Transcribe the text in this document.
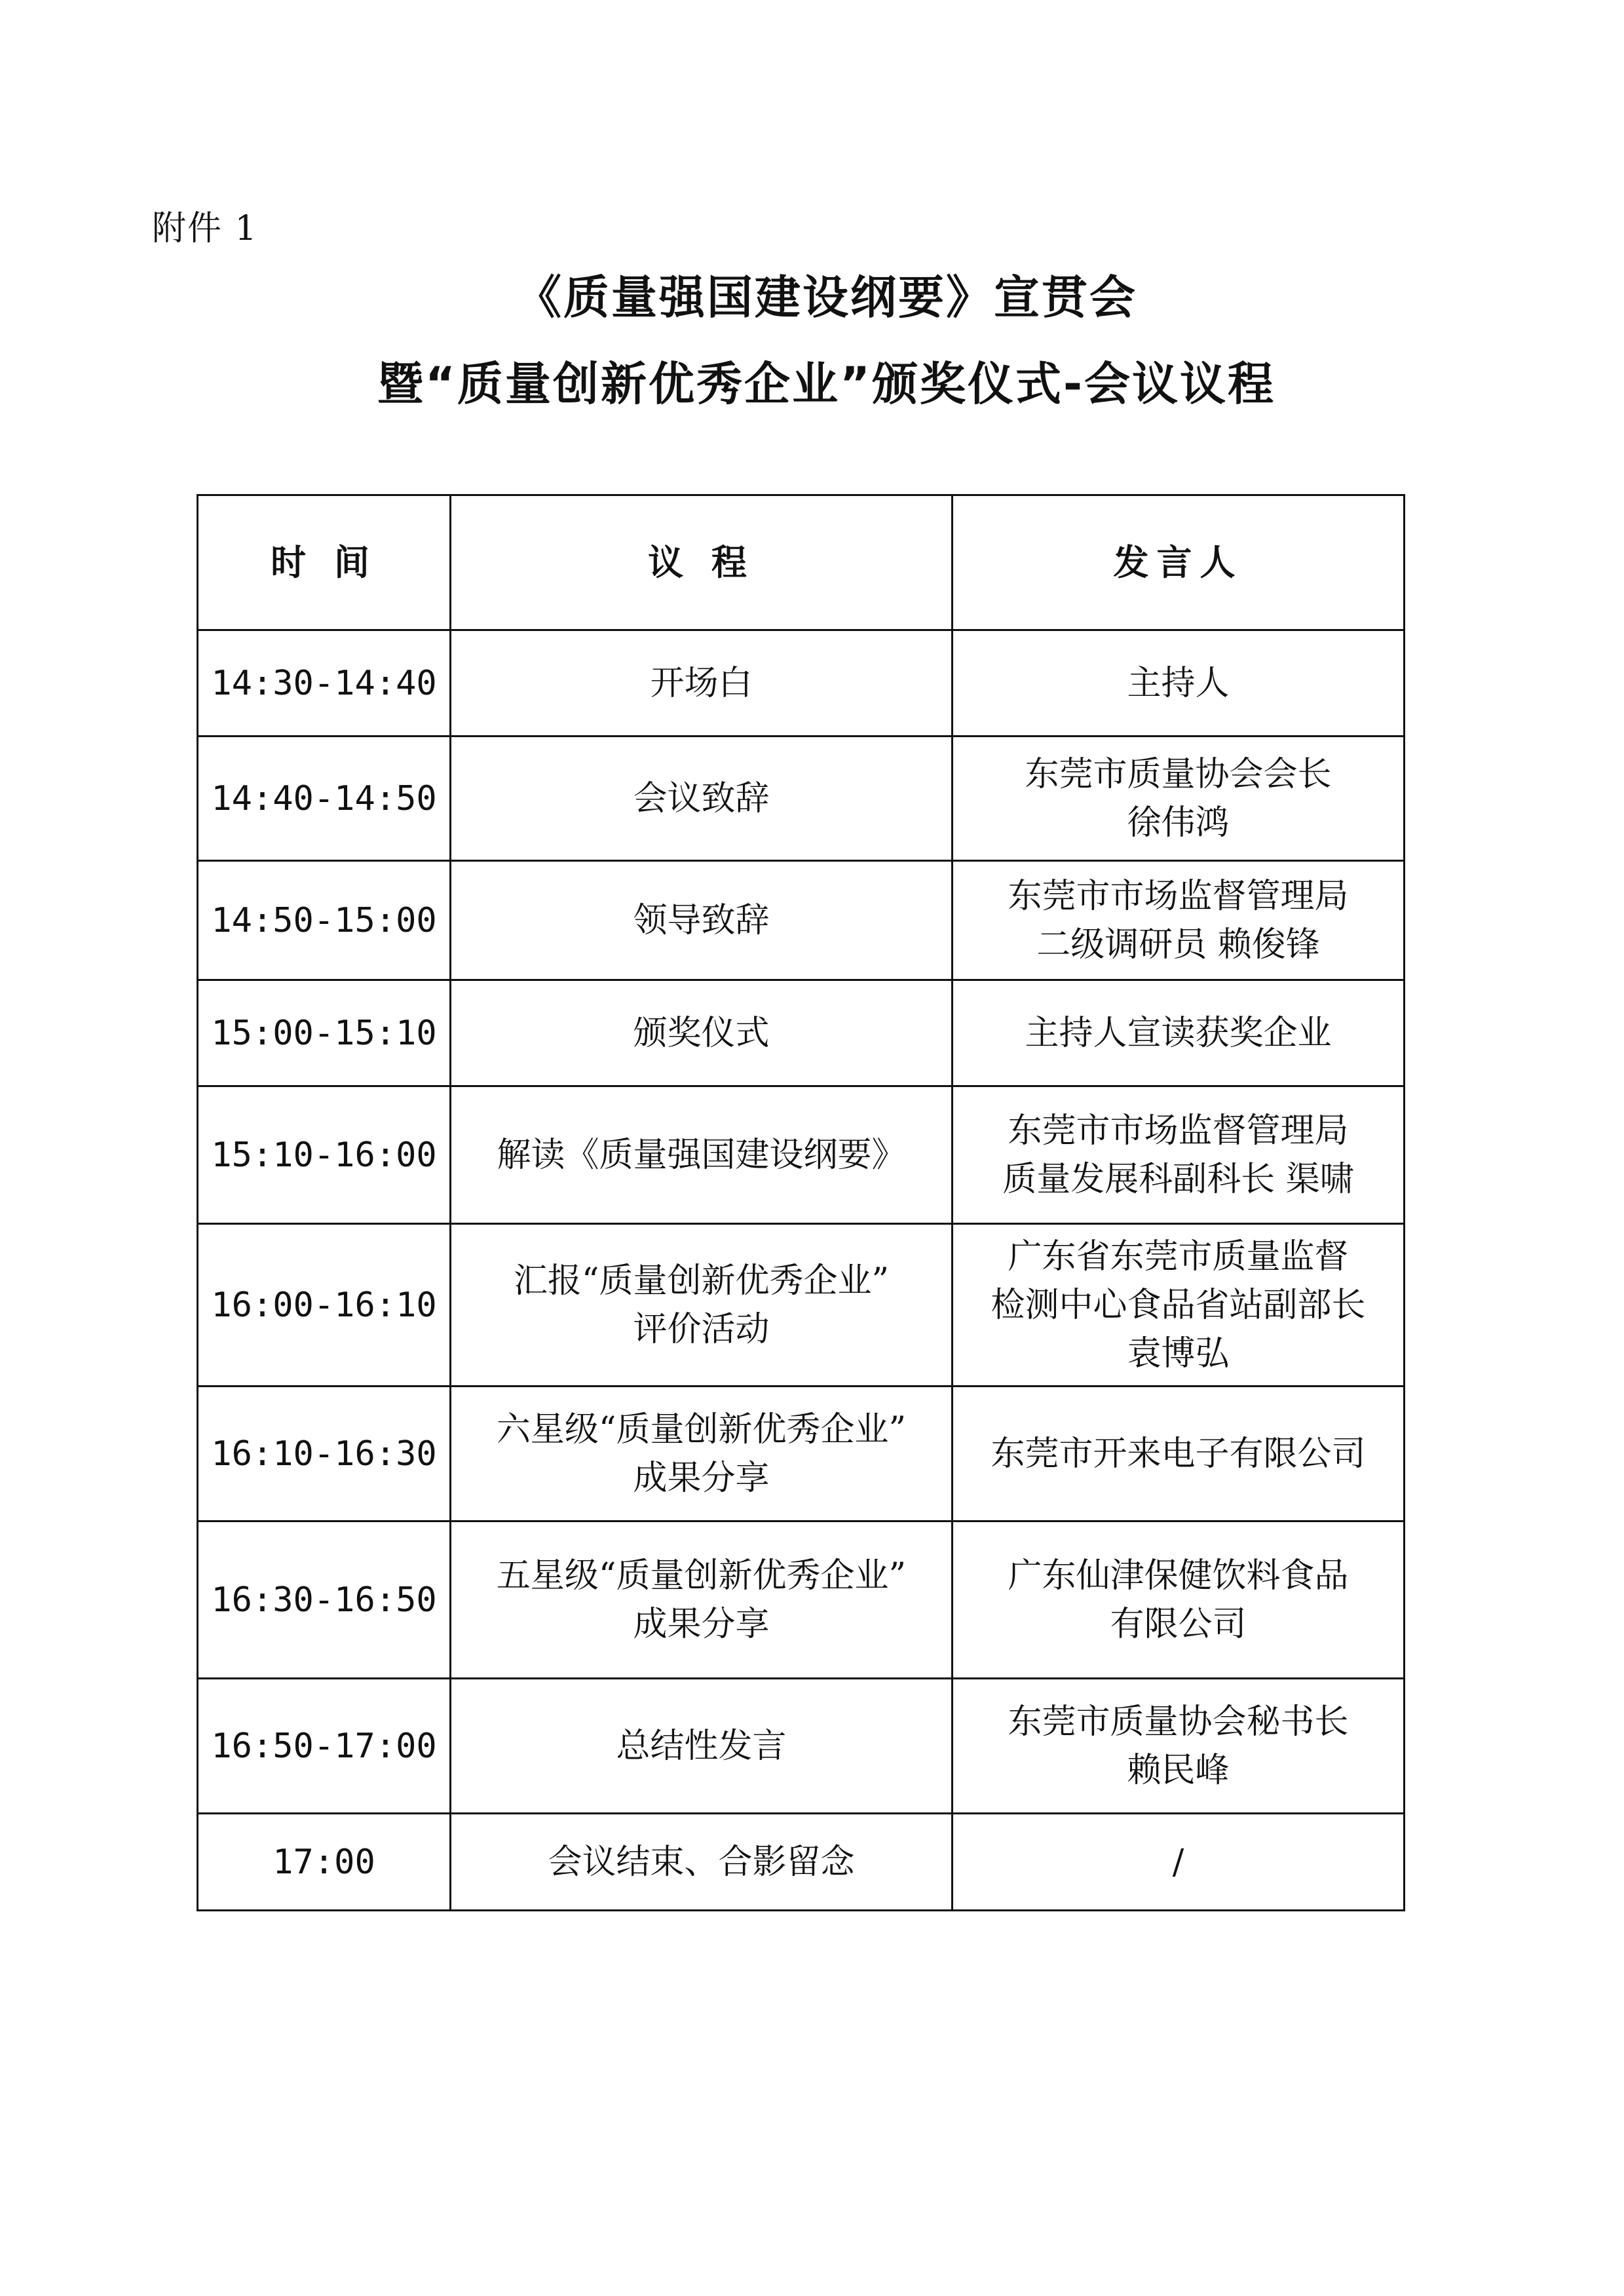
附件 1
《质量强国建设纲要》宣贯会
暨“质量创新优秀企业”颁奖仪式-会议议程
时 间	议 程	发言人
14:30-14:40	开场白	主持人

14:40-14:50	会议致辞	东莞市质量协会会长
徐伟鸿

14:50-15:00	领导致辞	东莞市市场监督管理局
二级调研员 赖俊锋

15:00-15:10	颁奖仪式	主持人宣读获奖企业

15:10-16:00	解读《质量强国建设纲要》	东莞市市场监督管理局
质量发展科副科长 渠啸

16:00-16:10	汇报“质量创新优秀企业”
评价活动	广东省东莞市质量监督
检测中心食品省站副部长
袁博弘

16:10-16:30	六星级“质量创新优秀企业”
成果分享	东莞市开来电子有限公司

16:30-16:50	五星级“质量创新优秀企业”
成果分享	广东仙津保健饮料食品
有限公司

16:50-17:00	总结性发言	东莞市质量协会秘书长
赖民峰

17:00	会议结束、合影留念	/
